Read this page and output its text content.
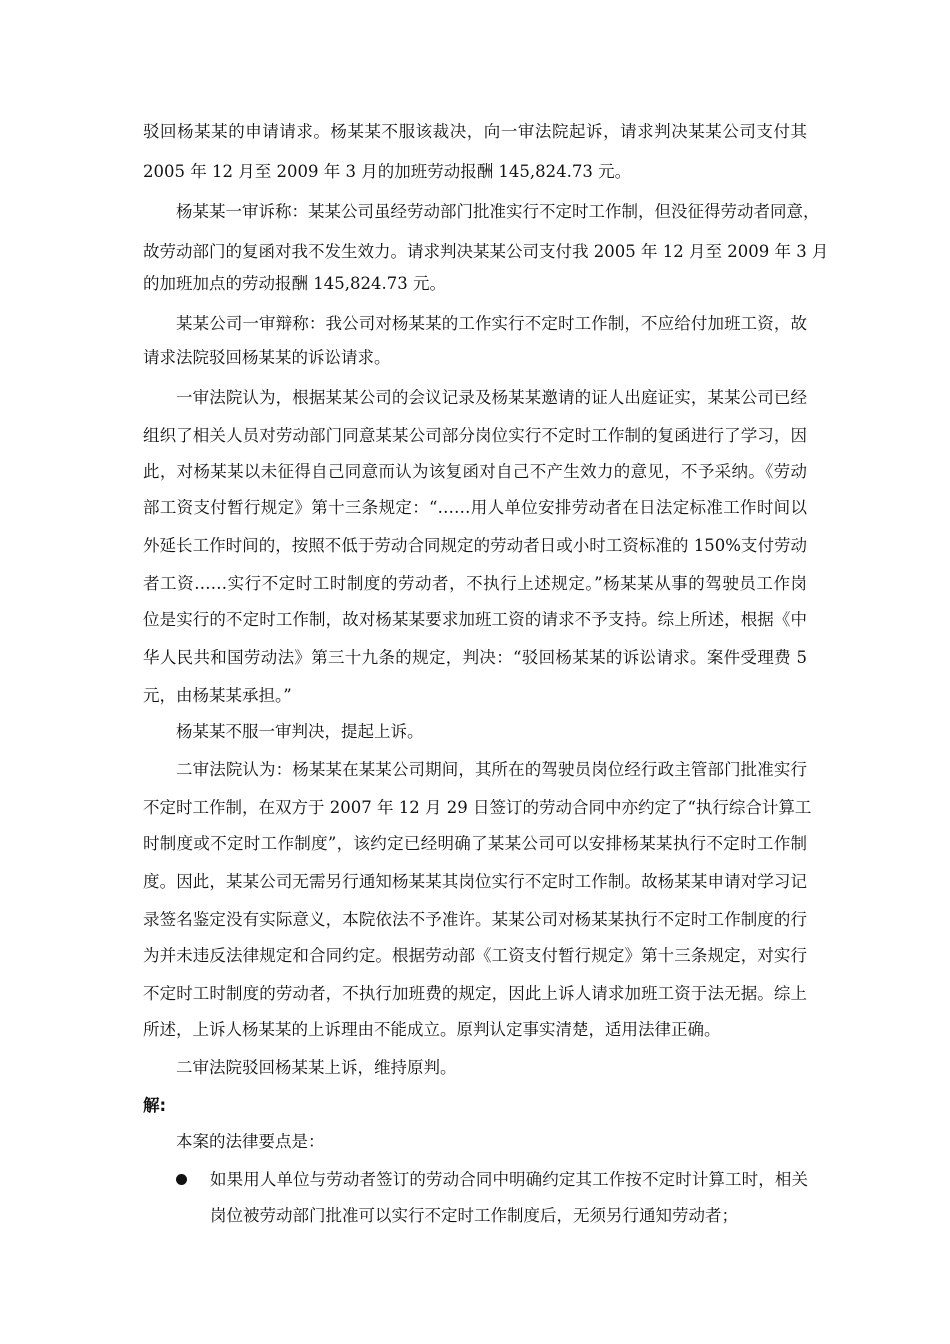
驳回杨某某的申请请求。杨某某不服该裁决，向一审法院起诉，请求判决某某公司支付其
2005 年 12 月至 2009 年 3 月的加班劳动报酬 145,824.73 元。
杨某某一审诉称：某某公司虽经劳动部门批准实行不定时工作制，但没征得劳动者同意，
故劳动部门的复函对我不发生效力。请求判决某某公司支付我 2005 年 12 月至 2009 年 3 月
的加班加点的劳动报酬 145,824.73 元。
某某公司一审辩称：我公司对杨某某的工作实行不定时工作制，不应给付加班工资，故
请求法院驳回杨某某的诉讼请求。
一审法院认为，根据某某公司的会议记录及杨某某邀请的证人出庭证实，某某公司已经
组织了相关人员对劳动部门同意某某公司部分岗位实行不定时工作制的复函进行了学习，因
此，对杨某某以未征得自己同意而认为该复函对自己不产生效力的意见，不予采纳。《劳动
部工资支付暂行规定》第十三条规定：“……用人单位安排劳动者在日法定标准工作时间以
外延长工作时间的，按照不低于劳动合同规定的劳动者日或小时工资标准的 150%支付劳动
者工资……实行不定时工时制度的劳动者，不执行上述规定。”杨某某从事的驾驶员工作岗
位是实行的不定时工作制，故对杨某某要求加班工资的请求不予支持。综上所述，根据《中
华人民共和国劳动法》第三十九条的规定，判决：“驳回杨某某的诉讼请求。案件受理费 5
元，由杨某某承担。”
杨某某不服一审判决，提起上诉。
二审法院认为：杨某某在某某公司期间，其所在的驾驶员岗位经行政主管部门批准实行
不定时工作制，在双方于 2007 年 12 月 29 日签订的劳动合同中亦约定了“执行综合计算工
时制度或不定时工作制度”，该约定已经明确了某某公司可以安排杨某某执行不定时工作制
度。因此，某某公司无需另行通知杨某某其岗位实行不定时工作制。故杨某某申请对学习记
录签名鉴定没有实际意义，本院依法不予准许。某某公司对杨某某执行不定时工作制度的行
为并未违反法律规定和合同约定。根据劳动部《工资支付暂行规定》第十三条规定，对实行
不定时工时制度的劳动者，不执行加班费的规定，因此上诉人请求加班工资于法无据。综上
所述，上诉人杨某某的上诉理由不能成立。原判认定事实清楚，适用法律正确。
二审法院驳回杨某某上诉，维持原判。
解:
本案的法律要点是：
如果用人单位与劳动者签订的劳动合同中明确约定其工作按不定时计算工时，相关
岗位被劳动部门批准可以实行不定时工作制度后，无须另行通知劳动者；
